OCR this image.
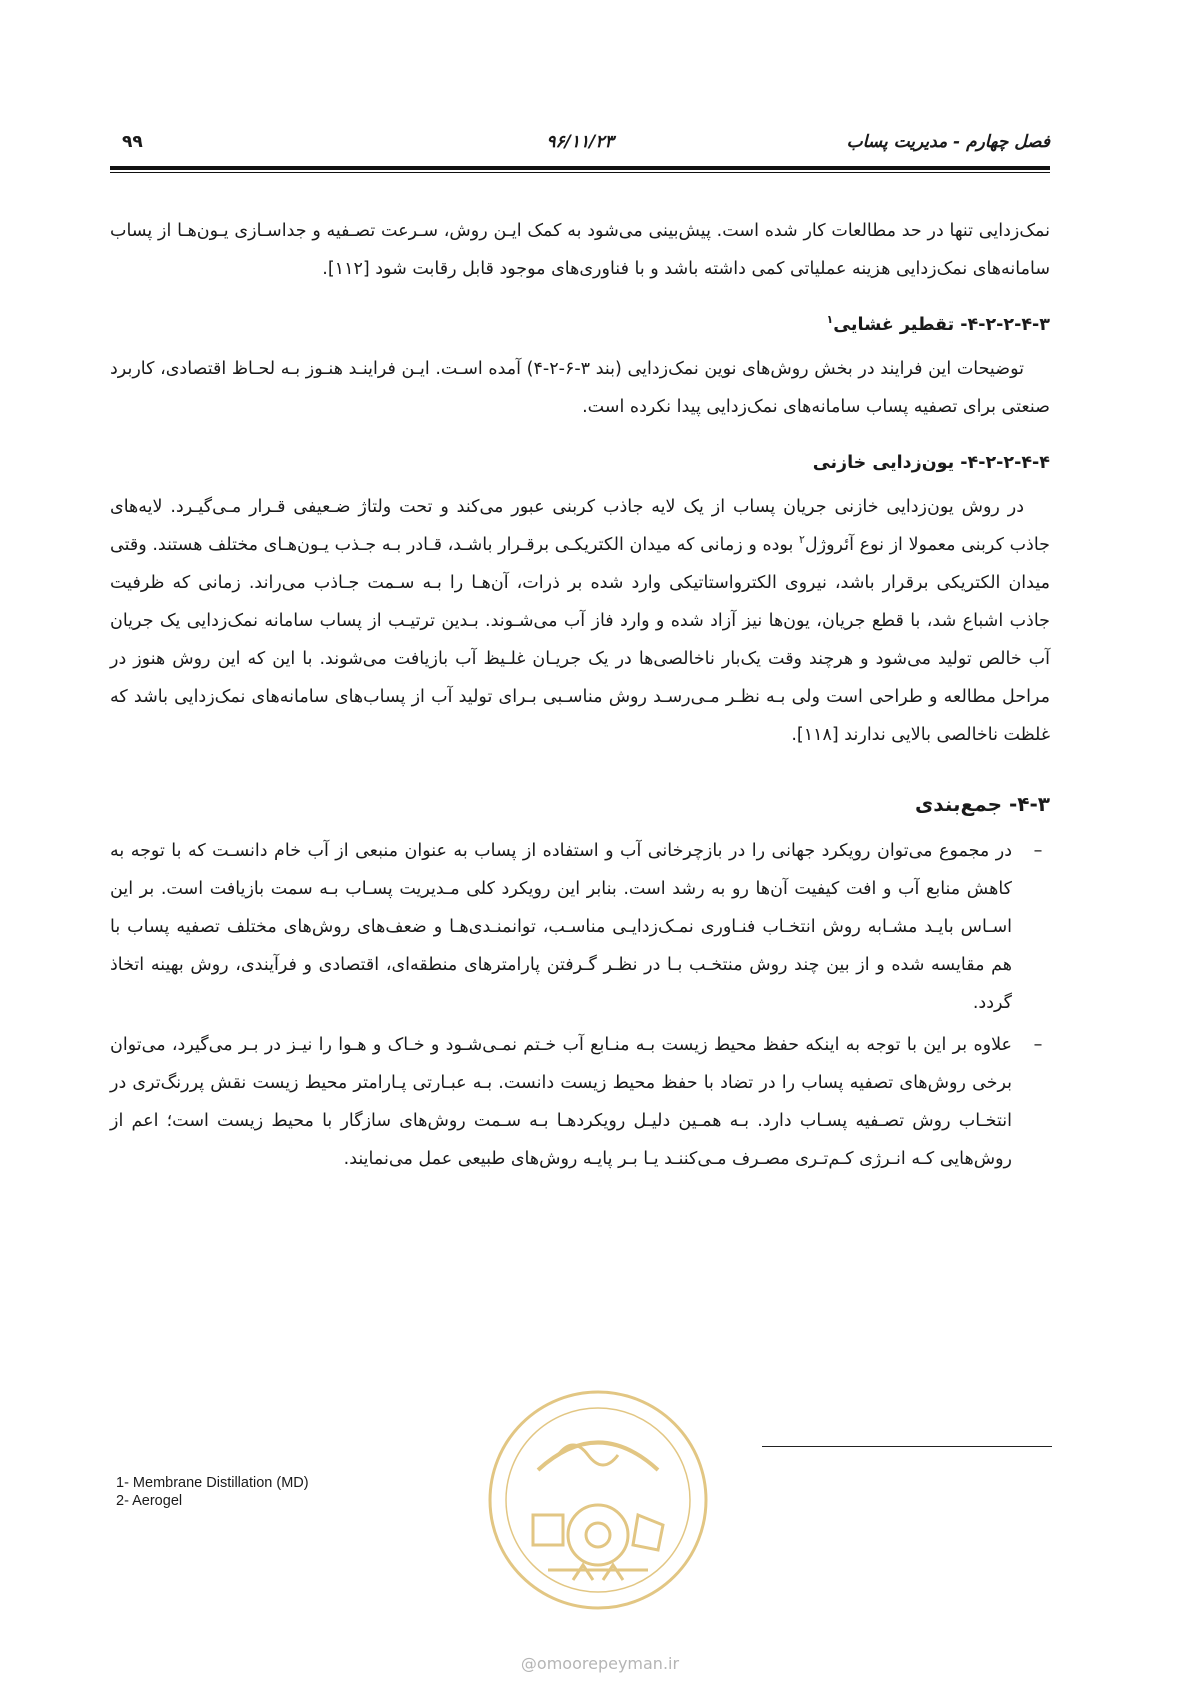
فصل چهارم - مدیریت پساب
۹۶/۱۱/۲۳
۹۹

نمک‌زدایی تنها در حد مطالعات کار شده است. پیش‌بینی می‌شود به کمک ایـن روش، سـرعت تصـفیه و جداسـازی یـون‌هـا از پساب سامانه‌های نمک‌زدایی هزینه عملیاتی کمی داشته باشد و با فناوری‌های موجود قابل رقابت شود [۱۱۲].

۴-۲-۲-۴-۳- تقطیر غشایی$^۱$

توضیحات این فرایند در بخش روش‌های نوین نمک‌زدایی (بند ۳-۶-۲-۴) آمده اسـت. ایـن فراینـد هنـوز بـه لحـاظ اقتصادی، کاربرد صنعتی برای تصفیه پساب سامانه‌های نمک‌زدایی پیدا نکرده است.

۴-۲-۲-۴-۴- یون‌زدایی خازنی

در روش یون‌زدایی خازنی جریان پساب از یک لایه جاذب کربنی عبور می‌کند و تحت ولتاژ ضـعیفی قـرار مـی‌گیـرد. لایه‌های جاذب کربنی معمولا از نوع آئروژل$^۲$ بوده و زمانی که میدان الکتریکـی برقـرار باشـد، قـادر بـه جـذب یـون‌هـای مختلف هستند. وقتی میدان الکتریکی برقرار باشد، نیروی الکترواستاتیکی وارد شده بر ذرات، آن‌هـا را بـه سـمت جـاذب می‌راند. زمانی که ظرفیت جاذب اشباع شد، با قطع جریان، یون‌ها نیز آزاد شده و وارد فاز آب می‌شـوند. بـدین ترتیـب از پساب سامانه نمک‌زدایی یک جریان آب خالص تولید می‌شود و هرچند وقت یک‌بار ناخالصی‌ها در یک جریـان غلـیظ آب بازیافت می‌شوند. با این که این روش هنوز در مراحل مطالعه و طراحی است ولی بـه نظـر مـی‌رسـد روش مناسـبی بـرای تولید آب از پساب‌های سامانه‌های نمک‌زدایی باشد که غلظت ناخالصی بالایی ندارند [۱۱۸].

۴-۳- جمع‌بندی
–
در مجموع می‌توان رویکرد جهانی را در بازچرخانی آب و استفاده از پساب به عنوان منبعی از آب خام دانسـت که با توجه به کاهش منابع آب و افت کیفیت آن‌ها رو به رشد است. بنابر این رویکرد کلی مـدیریت پسـاب بـه سمت بازیافت است. بر این اسـاس بایـد مشـابه روش انتخـاب فنـاوری نمـک‌زدایـی مناسـب، توانمنـدی‌هـا و ضعف‌های روش‌های مختلف تصفیه پساب با هم مقایسه شده و از بین چند روش منتخـب بـا در نظـر گـرفتن پارامترهای منطقه‌ای، اقتصادی و فرآیندی، روش بهینه اتخاذ گردد.
–
علاوه بر این با توجه به اینکه حفظ محیط زیست بـه منـابع آب خـتم نمـی‌شـود و خـاک و هـوا را نیـز در بـر می‌گیرد، می‌توان برخی روش‌های تصفیه پساب را در تضاد با حفظ محیط زیست دانست. بـه عبـارتی پـارامتر محیط زیست نقش پررنگ‌تری در انتخـاب روش تصـفیه پسـاب دارد. بـه همـین دلیـل رویکردهـا بـه سـمت روش‌های سازگار با محیط زیست است؛ اعم از روش‌هایی کـه انـرژی کـم‌تـری مصـرف مـی‌کننـد یـا بـر پایـه روش‌های طبیعی عمل می‌نمایند.
1- Membrane Distillation (MD)
2- Aerogel
@omoorepeyman.ir
